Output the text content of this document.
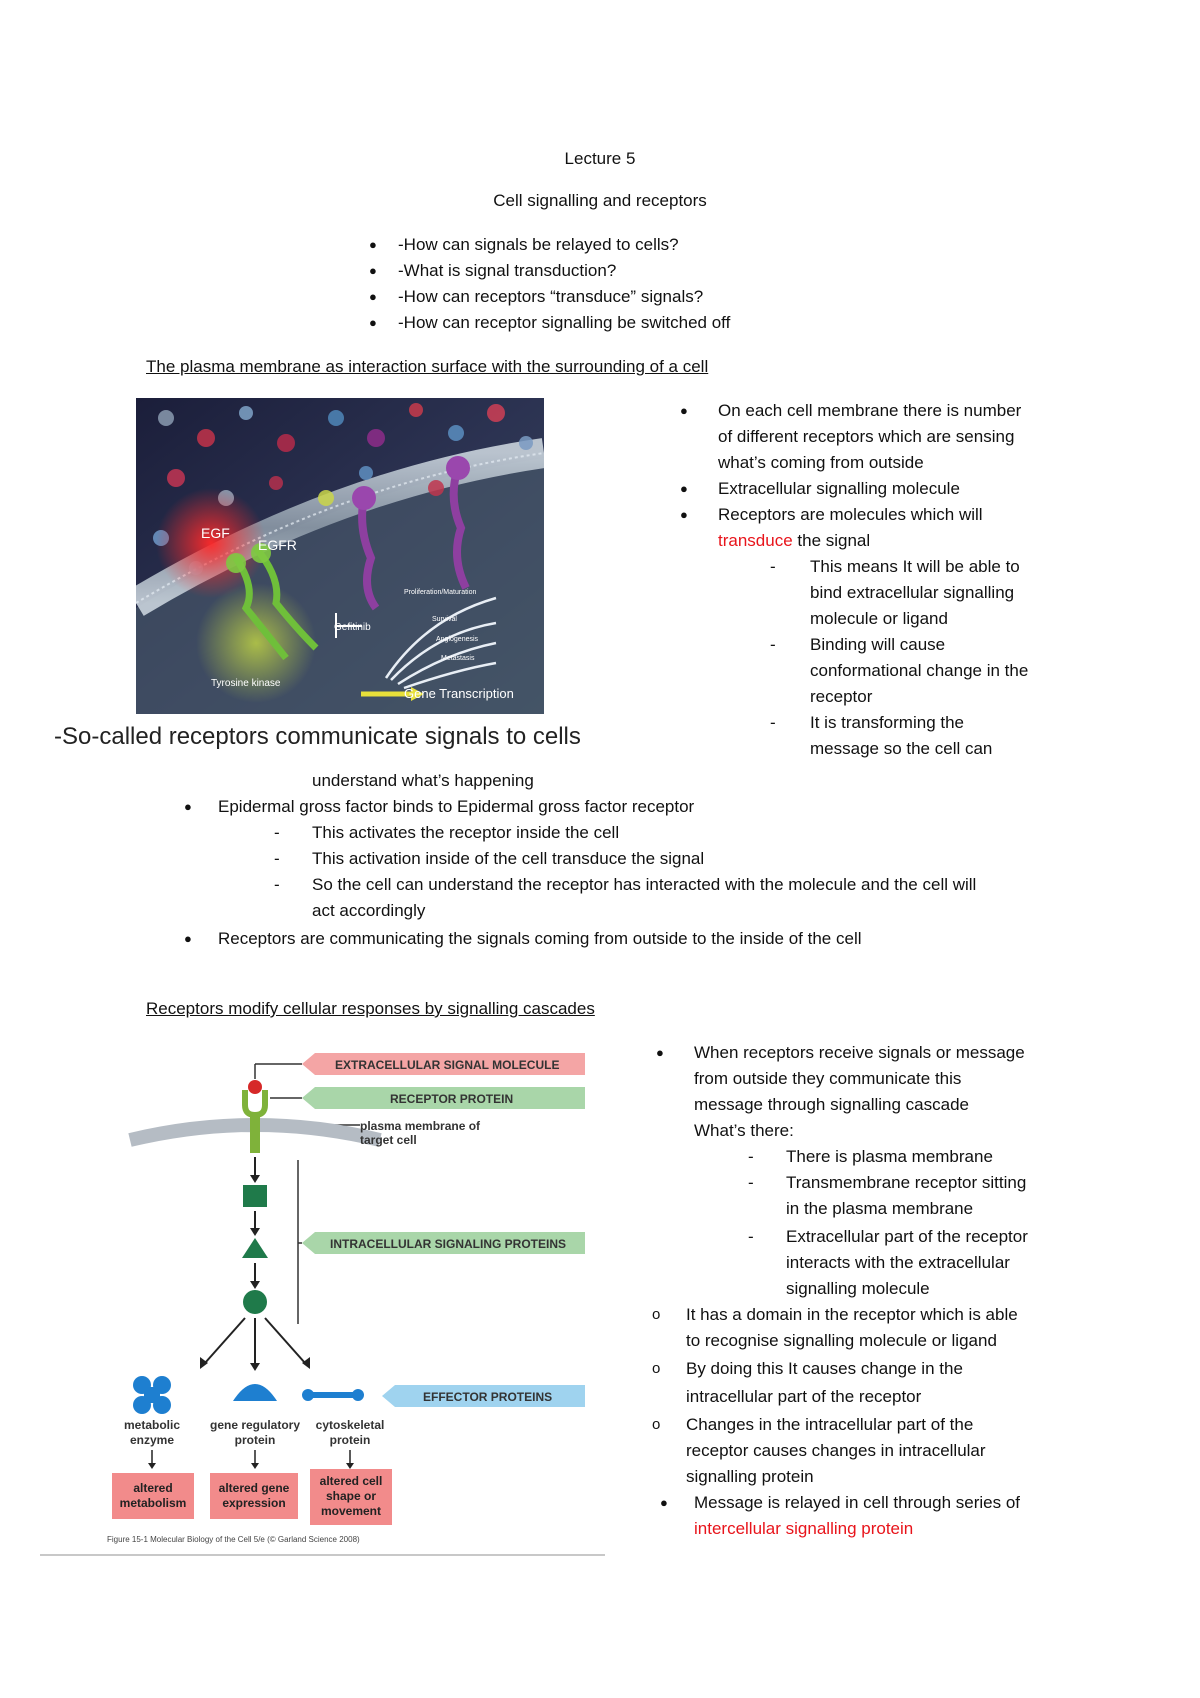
Lecture 5
Cell signalling and receptors
● -How can signals be relayed to cells?
● -What is signal transduction?
● -How can receptors “transduce” signals?
● -How can receptor signalling be switched off
The plasma membrane as interaction surface with the surrounding of a cell
EGF
EGFR
Gefitinib
Tyrosine kinase
Proliferation/Maturation
Survival
Angiogenesis
Metastasis
Gene Transcription
-So-called receptors communicate signals to cells
● On each cell membrane there is number
of different receptors which are sensing
what’s coming from outside
● Extracellular signalling molecule
● Receptors are molecules which will
transduce the signal
- This means It will be able to
bind extracellular signalling
molecule or ligand
- Binding will cause
conformational change in the
receptor
- It is transforming the
message so the cell can
understand what’s happening
● Epidermal gross factor binds to Epidermal gross factor receptor
- This activates the receptor inside the cell
- This activation inside of the cell transduce the signal
- So the cell can understand the receptor has interacted with the molecule and the cell will
act accordingly
● Receptors are communicating the signals coming from outside to the inside of the cell
Receptors modify cellular responses by signalling cascades
EXTRACELLULAR SIGNAL MOLECULE
RECEPTOR PROTEIN
INTRACELLULAR SIGNALING PROTEINS
EFFECTOR PROTEINS
metabolic
enzyme
gene regulatory
protein
cytoskeletal
protein
altered
metabolism
altered gene
expression
altered cell
shape or
movement
plasma membrane of
target cell
Figure 15-1 Molecular Biology of the Cell 5/e (© Garland Science 2008)
● When receptors receive signals or message
from outside they communicate this
message through signalling cascade
What’s there:
- There is plasma membrane
- Transmembrane receptor sitting
in the plasma membrane
- Extracellular part of the receptor
interacts with the extracellular
signalling molecule
o It has a domain in the receptor which is able
to recognise signalling molecule or ligand
o By doing this It causes change in the
intracellular part of the receptor
o Changes in the intracellular part of the
receptor causes changes in intracellular
signalling protein
● Message is relayed in cell through series of
intercellular signalling protein
